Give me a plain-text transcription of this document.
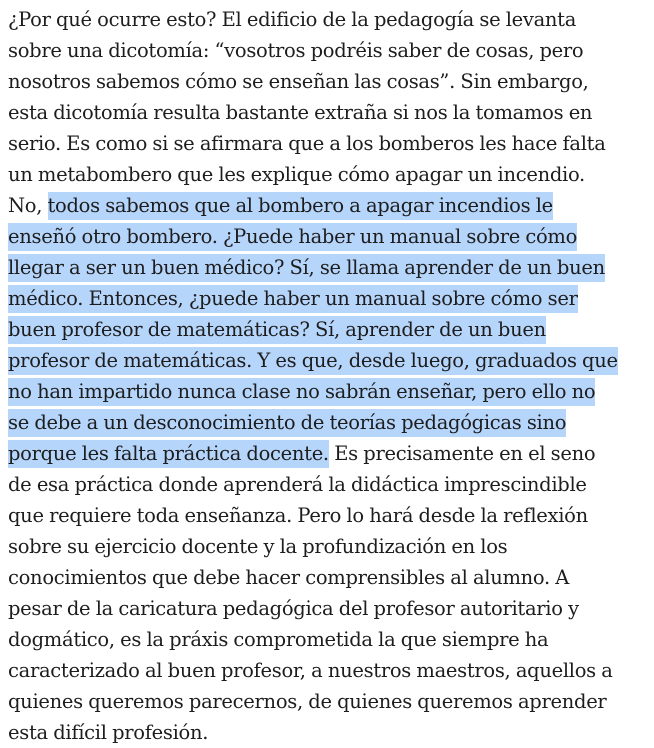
¿Por qué ocurre esto? El edificio de la pedagogía se levanta
sobre una dicotomía: “vosotros podréis saber de cosas, pero
nosotros sabemos cómo se enseñan las cosas”. Sin embargo,
esta dicotomía resulta bastante extraña si nos la tomamos en
serio. Es como si se afirmara que a los bomberos les hace falta
un metabombero que les explique cómo apagar un incendio.
No, todos sabemos que al bombero a apagar incendios le
enseñó otro bombero. ¿Puede haber un manual sobre cómo
llegar a ser un buen médico? Sí, se llama aprender de un buen
médico. Entonces, ¿puede haber un manual sobre cómo ser
buen profesor de matemáticas? Sí, aprender de un buen
profesor de matemáticas. Y es que, desde luego, graduados que
no han impartido nunca clase no sabrán enseñar, pero ello no
se debe a un desconocimiento de teorías pedagógicas sino
porque les falta práctica docente. Es precisamente en el seno
de esa práctica donde aprenderá la didáctica imprescindible
que requiere toda enseñanza. Pero lo hará desde la reflexión
sobre su ejercicio docente y la profundización en los
conocimientos que debe hacer comprensibles al alumno. A
pesar de la caricatura pedagógica del profesor autoritario y
dogmático, es la práxis comprometida la que siempre ha
caracterizado al buen profesor, a nuestros maestros, aquellos a
quienes queremos parecernos, de quienes queremos aprender
esta difícil profesión.
